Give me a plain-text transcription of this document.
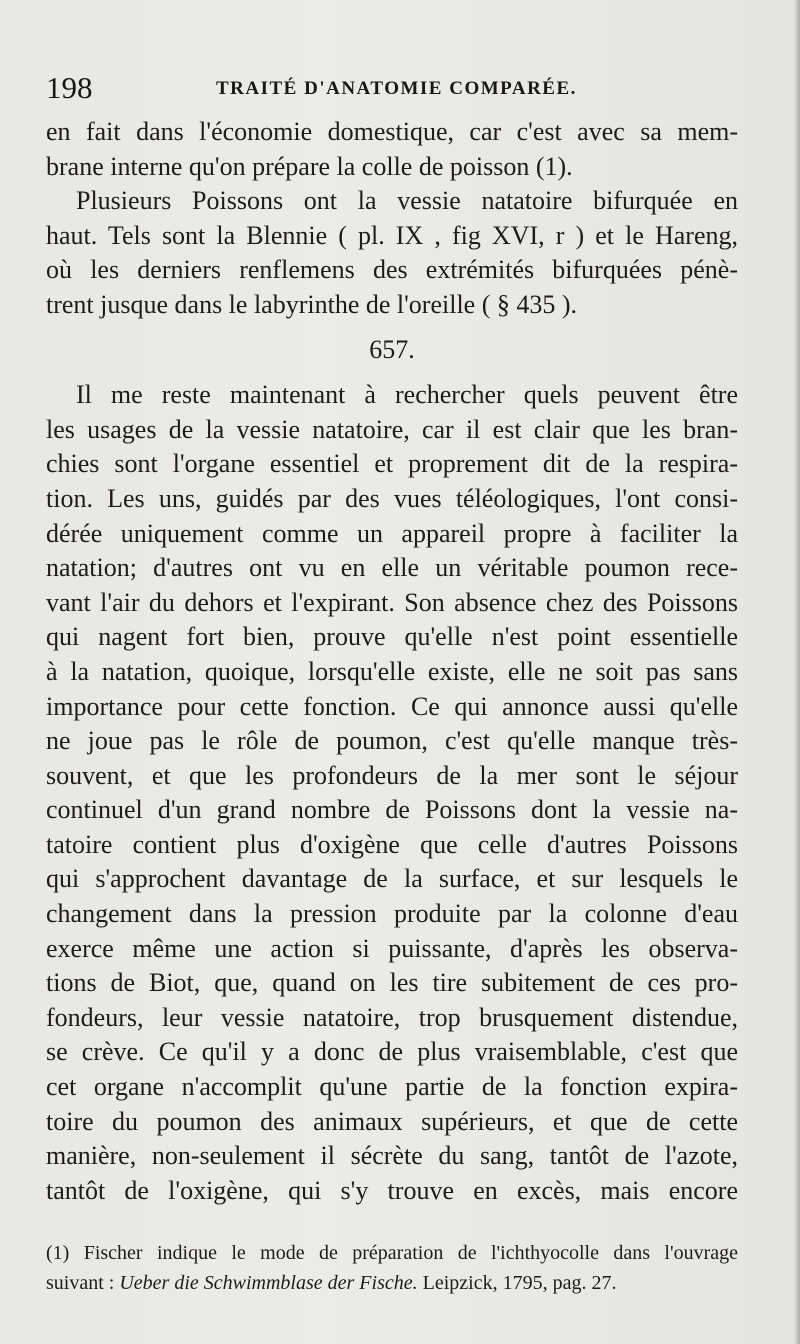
198	TRAITÉ D'ANATOMIE COMPARÉE.
en fait dans l'économie domestique, car c'est avec sa mem-
brane interne qu'on prépare la colle de poisson (1).
Plusieurs Poissons ont la vessie natatoire bifurquée en
haut. Tels sont la Blennie ( pl. IX , fig XVI, r ) et le Hareng,
où les derniers renflemens des extrémités bifurquées pénè-
trent jusque dans le labyrinthe de l'oreille ( § 435 ).
657.
Il me reste maintenant à rechercher quels peuvent être
les usages de la vessie natatoire, car il est clair que les bran-
chies sont l'organe essentiel et proprement dit de la respira-
tion. Les uns, guidés par des vues téléologiques, l'ont consi-
dérée uniquement comme un appareil propre à faciliter la
natation; d'autres ont vu en elle un véritable poumon rece-
vant l'air du dehors et l'expirant. Son absence chez des Poissons
qui nagent fort bien, prouve qu'elle n'est point essentielle
à la natation, quoique, lorsqu'elle existe, elle ne soit pas sans
importance pour cette fonction. Ce qui annonce aussi qu'elle
ne joue pas le rôle de poumon, c'est qu'elle manque très-
souvent, et que les profondeurs de la mer sont le séjour
continuel d'un grand nombre de Poissons dont la vessie na-
tatoire contient plus d'oxigène que celle d'autres Poissons
qui s'approchent davantage de la surface, et sur lesquels le
changement dans la pression produite par la colonne d'eau
exerce même une action si puissante, d'après les observa-
tions de Biot, que, quand on les tire subitement de ces pro-
fondeurs, leur vessie natatoire, trop brusquement distendue,
se crève. Ce qu'il y a donc de plus vraisemblable, c'est que
cet organe n'accomplit qu'une partie de la fonction expira-
toire du poumon des animaux supérieurs, et que de cette
manière, non-seulement il sécrète du sang, tantôt de l'azote,
tantôt de l'oxigène, qui s'y trouve en excès, mais encore
(1) Fischer indique le mode de préparation de l'ichthyocolle dans l'ouvrage
suivant : Ueber die Schwimmblase der Fische. Leipzick, 1795, pag. 27.
